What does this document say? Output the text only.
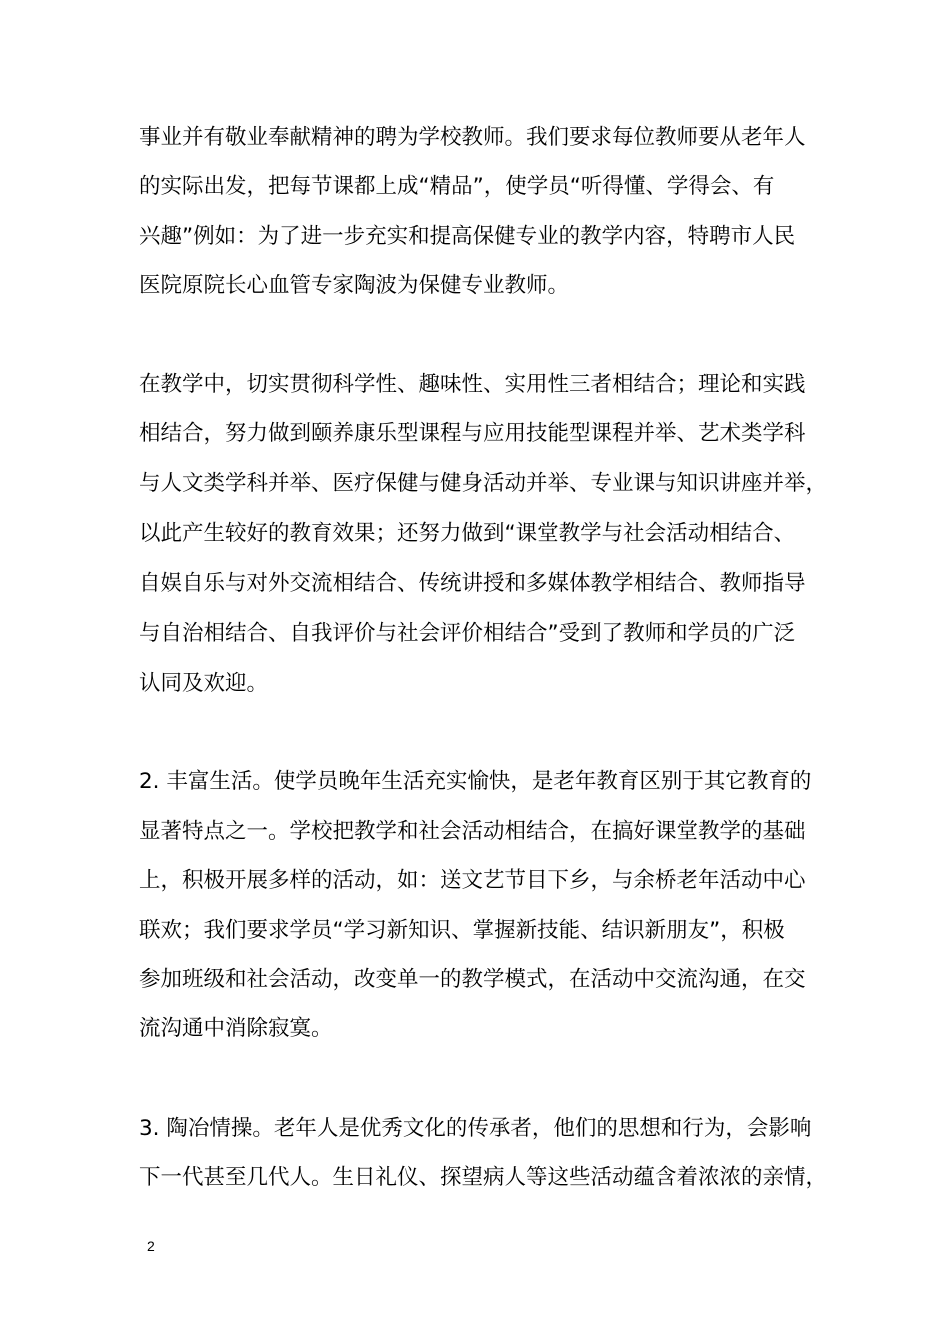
事业并有敬业奉献精神的聘为学校教师。我们要求每位教师要从老年人
的实际出发，把每节课都上成“精品”，使学员“听得懂、学得会、有
兴趣”例如：为了进一步充实和提高保健专业的教学内容，特聘市人民
医院原院长心血管专家陶波为保健专业教师。
在教学中，切实贯彻科学性、趣味性、实用性三者相结合；理论和实践
相结合，努力做到颐养康乐型课程与应用技能型课程并举、艺术类学科
与人文类学科并举、医疗保健与健身活动并举、专业课与知识讲座并举，
以此产生较好的教育效果；还努力做到“课堂教学与社会活动相结合、
自娱自乐与对外交流相结合、传统讲授和多媒体教学相结合、教师指导
与自治相结合、自我评价与社会评价相结合”受到了教师和学员的广泛
认同及欢迎。
2. 丰富生活。使学员晚年生活充实愉快，是老年教育区别于其它教育的
显著特点之一。学校把教学和社会活动相结合，在搞好课堂教学的基础
上，积极开展多样的活动，如：送文艺节目下乡，与余桥老年活动中心
联欢；我们要求学员“学习新知识、掌握新技能、结识新朋友”，积极
参加班级和社会活动，改变单一的教学模式，在活动中交流沟通，在交
流沟通中消除寂寞。
3. 陶冶情操。老年人是优秀文化的传承者，他们的思想和行为，会影响
下一代甚至几代人。生日礼仪、探望病人等这些活动蕴含着浓浓的亲情，
2
